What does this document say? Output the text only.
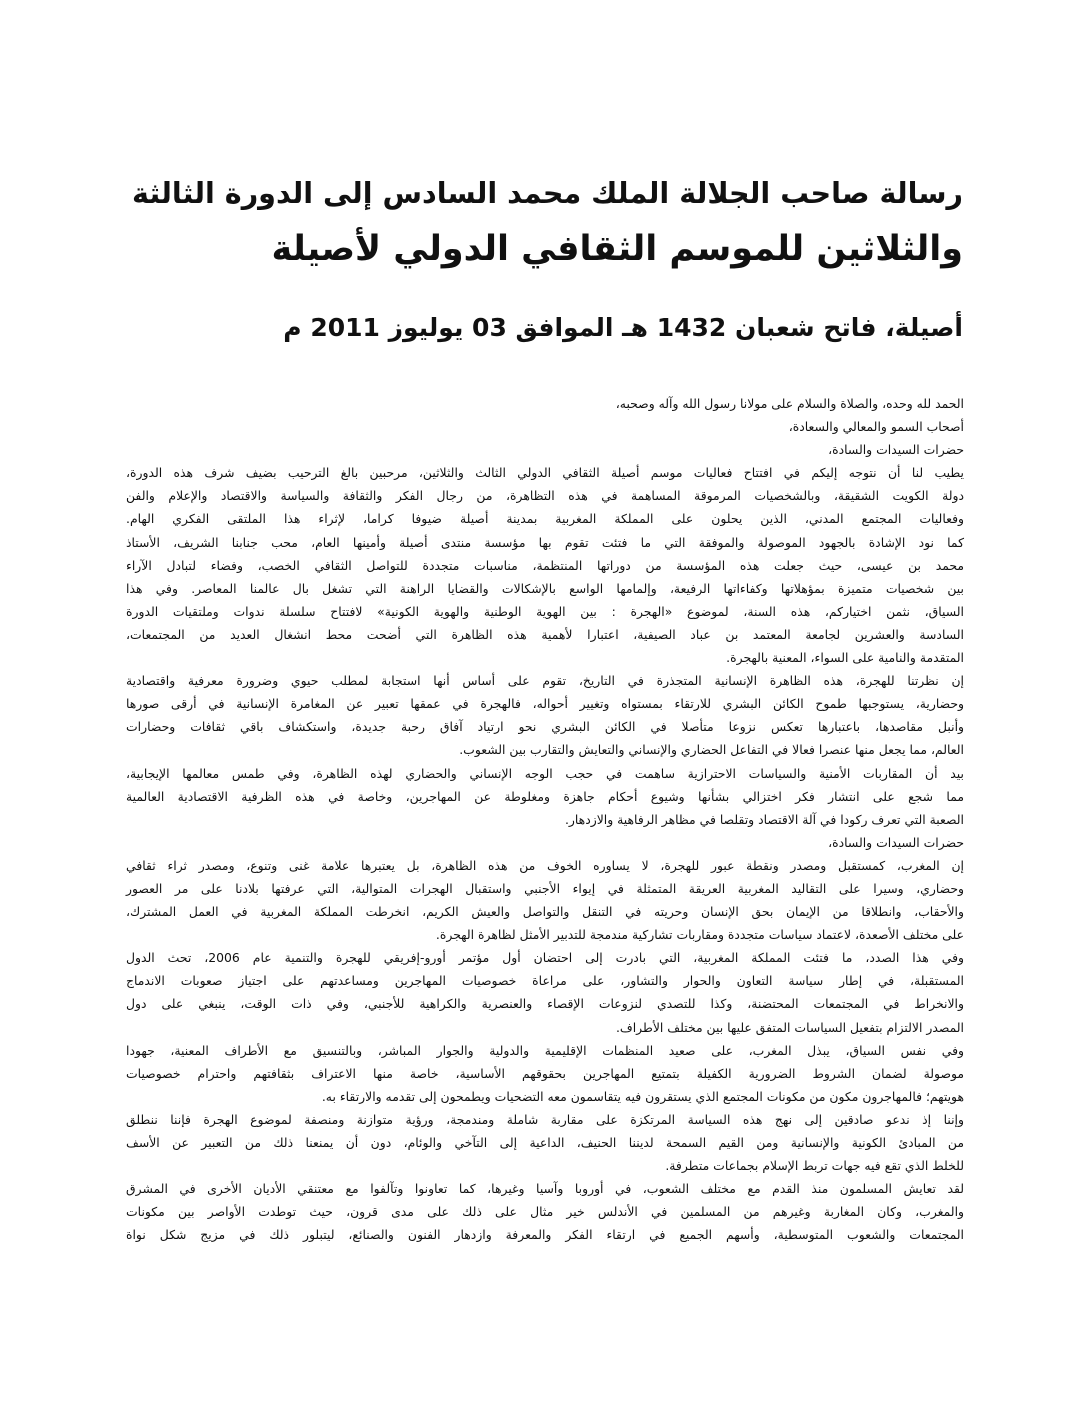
رسالة صاحب الجلالة الملك محمد السادس إلى الدورة الثالثة
والثلاثين للموسم الثقافي الدولي لأصيلة
أصيلة، فاتح شعبان 1432 هـ الموافق 03 يوليوز 2011 م
الحمد لله وحده، والصلاة والسلام على مولانا رسول الله وآله وصحبه،
أصحاب السمو والمعالي والسعادة،
حضرات السيدات والسادة،
يطيب لنا أن نتوجه إليكم في افتتاح فعاليات موسم أصيلة الثقافي الدولي الثالث والثلاثين، مرحبين بالغ الترحيب بضيف شرف هذه الدورة،
دولة الكويت الشقيقة، وبالشخصيات المرموقة المساهمة في هذه التظاهرة، من رجال الفكر والثقافة والسياسة والاقتصاد والإعلام والفن
وفعاليات المجتمع المدني، الذين يحلون على المملكة المغربية بمدينة أصيلة ضيوفا كراما، لإثراء هذا الملتقى الفكري الهام.
كما نود الإشادة بالجهود الموصولة والموفقة التي ما فتئت تقوم بها مؤسسة منتدى أصيلة وأمينها العام، محب جنابنا الشريف، الأستاذ
محمد بن عيسى، حيث جعلت هذه المؤسسة من دوراتها المنتظمة، مناسبات متجددة للتواصل الثقافي الخصب، وفضاء لتبادل الآراء
بين شخصيات متميزة بمؤهلاتها وكفاءاتها الرفيعة، وإلمامها الواسع بالإشكالات والقضايا الراهنة التي تشغل بال عالمنا المعاصر. وفي هذا
السياق، نثمن اختياركم، هذه السنة، لموضوع «الهجرة : بين الهوية الوطنية والهوية الكونية» لافتتاح سلسلة ندوات وملتقيات الدورة
السادسة والعشرين لجامعة المعتمد بن عباد الصيفية، اعتبارا لأهمية هذه الظاهرة التي أضحت محط انشغال العديد من المجتمعات،
المتقدمة والنامية على السواء، المعنية بالهجرة.
إن نظرتنا للهجرة، هذه الظاهرة الإنسانية المتجذرة في التاريخ، تقوم على أساس أنها استجابة لمطلب حيوي وضرورة معرفية واقتصادية
وحضارية، يستوجبها طموح الكائن البشري للارتقاء بمستواه وتغيير أحواله، فالهجرة في عمقها تعبير عن المغامرة الإنسانية في أرقى صورها
وأنبل مقاصدها، باعتبارها تعكس نزوعا متأصلا في الكائن البشري نحو ارتياد آفاق رحبة جديدة، واستكشاف باقي ثقافات وحضارات
العالم، مما يجعل منها عنصرا فعالا في التفاعل الحضاري والإنساني والتعايش والتقارب بين الشعوب.
بيد أن المقاربات الأمنية والسياسات الاحترازية ساهمت في حجب الوجه الإنساني والحضاري لهذه الظاهرة، وفي طمس معالمها الإيجابية،
مما شجع على انتشار فكر اختزالي بشأنها وشيوع أحكام جاهزة ومغلوطة عن المهاجرين، وخاصة في هذه الظرفية الاقتصادية العالمية
الصعبة التي تعرف ركودا في آلة الاقتصاد وتقلصا في مظاهر الرفاهية والازدهار.
حضرات السيدات والسادة،
إن المغرب، كمستقبل ومصدر ونقطة عبور للهجرة، لا يساوره الخوف من هذه الظاهرة، بل يعتبرها علامة غنى وتنوع، ومصدر ثراء ثقافي
وحضاري، وسيرا على التقاليد المغربية العريقة المتمثلة في إيواء الأجنبي واستقبال الهجرات المتوالية، التي عرفتها بلادنا على مر العصور
والأحقاب، وانطلاقا من الإيمان بحق الإنسان وحريته في التنقل والتواصل والعيش الكريم، انخرطت المملكة المغربية في العمل المشترك،
على مختلف الأصعدة، لاعتماد سياسات متجددة ومقاربات تشاركية مندمجة للتدبير الأمثل لظاهرة الهجرة.
وفي هذا الصدد، ما فتئت المملكة المغربية، التي بادرت إلى احتضان أول مؤتمر أورو-إفريقي للهجرة والتنمية عام 2006، تحث الدول
المستقبلة، في إطار سياسة التعاون والحوار والتشاور، على مراعاة خصوصيات المهاجرين ومساعدتهم على اجتياز صعوبات الاندماج
والانخراط في المجتمعات المحتضنة، وكذا للتصدي لنزوعات الإقصاء والعنصرية والكراهية للأجنبي، وفي ذات الوقت، ينبغي على دول
المصدر الالتزام بتفعيل السياسات المتفق عليها بين مختلف الأطراف.
وفي نفس السياق، يبذل المغرب، على صعيد المنظمات الإقليمية والدولية والجوار المباشر، وبالتنسيق مع الأطراف المعنية، جهودا
موصولة لضمان الشروط الضرورية الكفيلة بتمتيع المهاجرين بحقوقهم الأساسية، خاصة منها الاعتراف بثقافتهم واحترام خصوصيات
هويتهم؛ فالمهاجرون مكون من مكونات المجتمع الذي يستقرون فيه يتقاسمون معه التضحيات ويطمحون إلى تقدمه والارتقاء به.
وإننا إذ ندعو صادقين إلى نهج هذه السياسة المرتكزة على مقاربة شاملة ومندمجة، ورؤية متوازنة ومنصفة لموضوع الهجرة فإننا ننطلق
من المبادئ الكونية والإنسانية ومن القيم السمحة لديننا الحنيف، الداعية إلى التآخي والوئام، دون أن يمنعنا ذلك من التعبير عن الأسف
للخلط الذي تقع فيه جهات تربط الإسلام بجماعات متطرفة.
لقد تعايش المسلمون منذ القدم مع مختلف الشعوب، في أوروبا وآسيا وغيرها، كما تعاونوا وتآلفوا مع معتنقي الأديان الأخرى في المشرق
والمغرب، وكان المغاربة وغيرهم من المسلمين في الأندلس خير مثال على ذلك على مدى قرون، حيث توطدت الأواصر بين مكونات
المجتمعات والشعوب المتوسطية، وأسهم الجميع في ارتقاء الفكر والمعرفة وازدهار الفنون والصنائع، ليتبلور ذلك في مزيج شكل نواة
